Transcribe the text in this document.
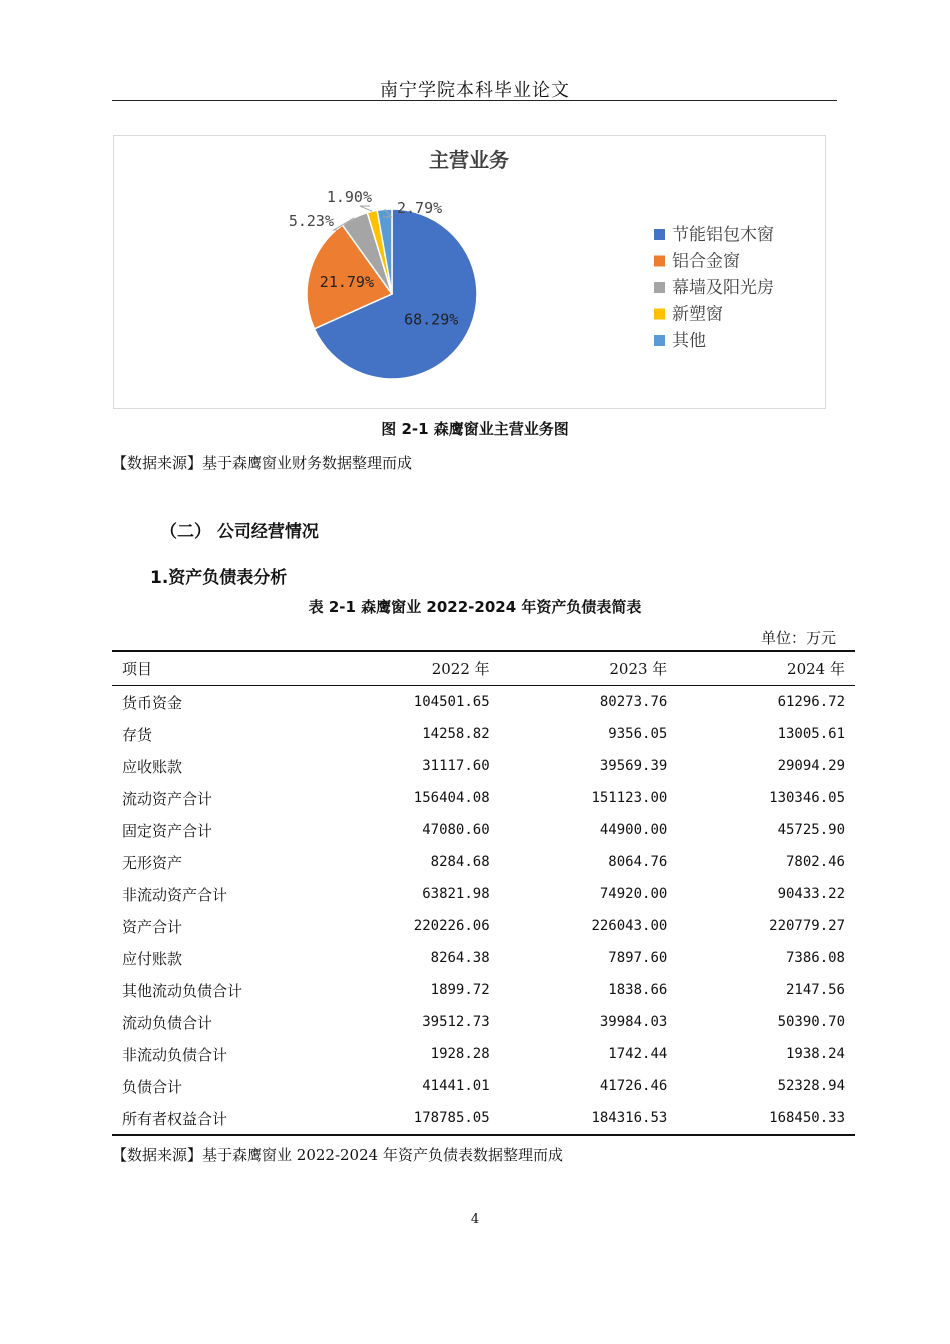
南宁学院本科毕业论文
主营业务
68.29%
21.79%
5.23%
1.90%
2.79%
节能铝包木窗
铝合金窗
幕墙及阳光房
新塑窗
其他
图 2-1 森鹰窗业主营业务图
【数据来源】基于森鹰窗业财务数据整理而成
（二） 公司经营情况
1.资产负债表分析
表 2-1 森鹰窗业 2022-2024 年资产负债表简表
单位：万元
项目	2022 年	2023 年	2024 年
货币资金	104501.65	80273.76	61296.72
存货	14258.82	9356.05	13005.61
应收账款	31117.60	39569.39	29094.29
流动资产合计	156404.08	151123.00	130346.05
固定资产合计	47080.60	44900.00	45725.90
无形资产	8284.68	8064.76	7802.46
非流动资产合计	63821.98	74920.00	90433.22
资产合计	220226.06	226043.00	220779.27
应付账款	8264.38	7897.60	7386.08
其他流动负债合计	1899.72	1838.66	2147.56
流动负债合计	39512.73	39984.03	50390.70
非流动负债合计	1928.28	1742.44	1938.24
负债合计	41441.01	41726.46	52328.94
所有者权益合计	178785.05	184316.53	168450.33
【数据来源】基于森鹰窗业 2022-2024 年资产负债表数据整理而成
4
